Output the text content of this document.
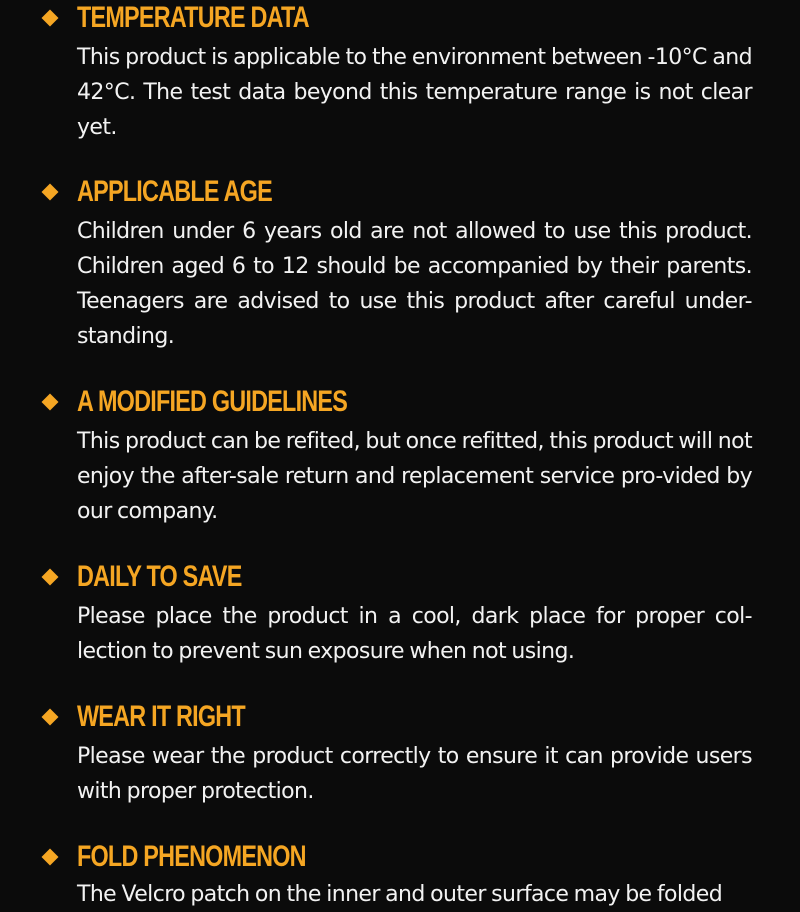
TEMPERATURE DATA

This product is applicable to the environment between -10°C and 42°C. The test data beyond this temperature range is not clear yet.

APPLICABLE AGE

Children under 6 years old are not allowed to use this product. Children aged 6 to 12 should be accompanied by their parents. Teenagers are advised to use this product after careful under-standing.

A MODIFIED GUIDELINES

This product can be refited, but once refitted, this product will not enjoy the after-sale return and replacement service pro-vided by our company.

DAILY TO SAVE

Please place the product in a cool, dark place for proper col-lection to prevent sun exposure when not using.

WEAR IT RIGHT

Please wear the product correctly to ensure it can provide users with proper protection.

FOLD PHENOMENON

The Velcro patch on the inner and outer surface may be folded
